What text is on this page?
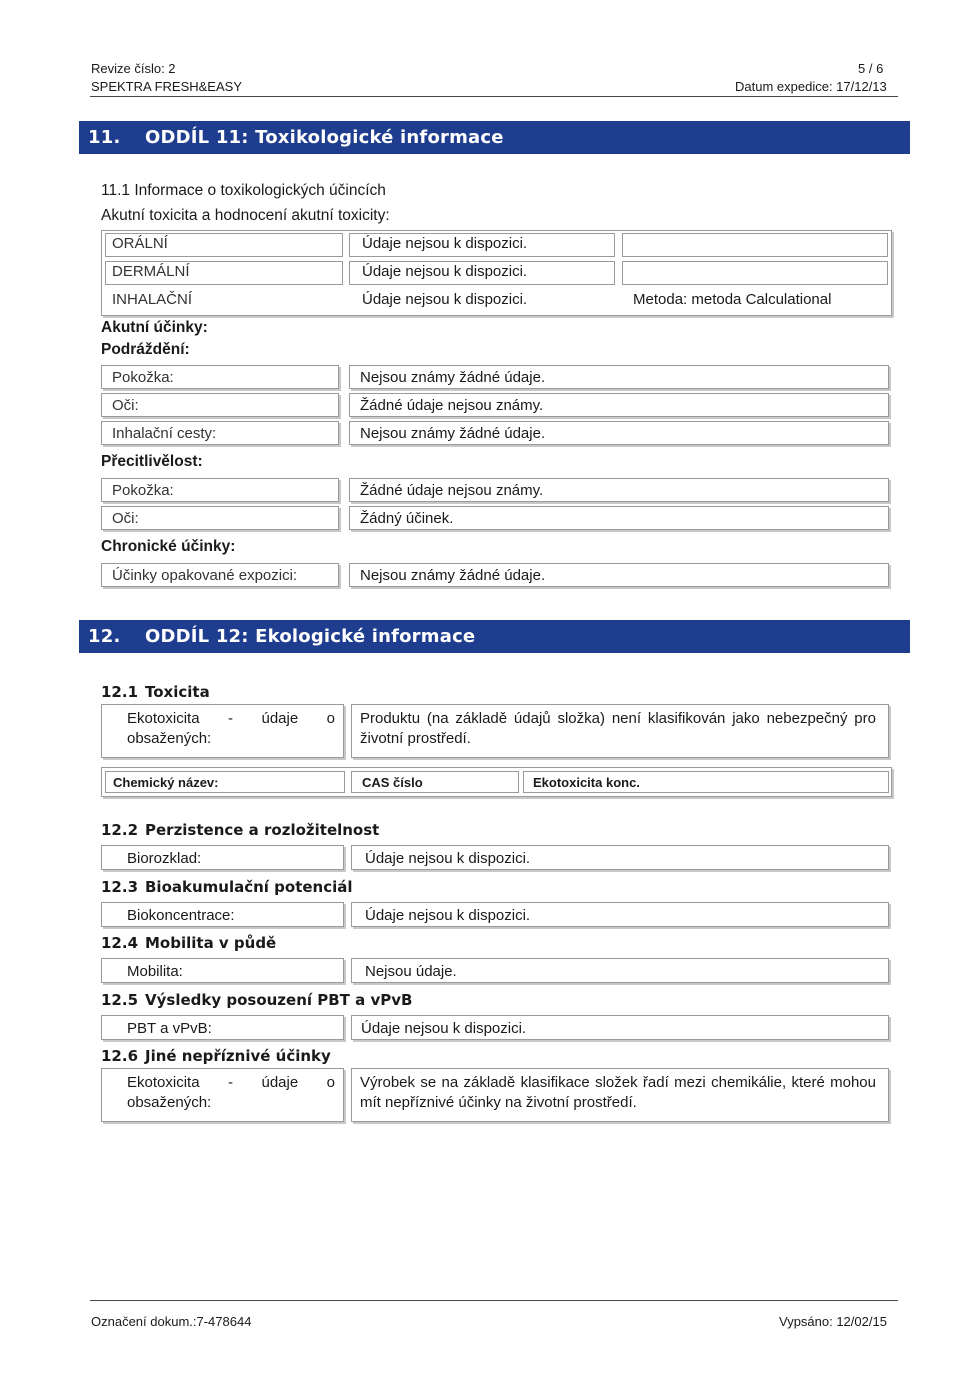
Revize číslo: 2	5 / 6
SPEKTRA FRESH&EASY	Datum expedice: 17/12/13
11. ODDÍL 11: Toxikologické informace
11.1 Informace o toxikologických účincích
Akutní toxicita a hodnocení akutní toxicity:
ORÁLNÍ	Údaje nejsou k dispozici.
DERMÁLNÍ	Údaje nejsou k dispozici.
INHALAČNÍ	Údaje nejsou k dispozici.	Metoda: metoda Calculational
Akutní účinky:
Podráždění:
Pokožka:	Nejsou známy žádné údaje.
Oči:	Žádné údaje nejsou známy.
Inhalační cesty:	Nejsou známy žádné údaje.
Přecitlivělost:
Pokožka:	Žádné údaje nejsou známy.
Oči:	Žádný účinek.
Chronické účinky:
Účinky opakované expozici:	Nejsou známy žádné údaje.
12. ODDÍL 12: Ekologické informace
12.1 Toxicita
Ekotoxicita - údaje o obsažených:
Produktu (na základě údajů složka) není klasifikován jako nebezpečný pro životní prostředí.
Chemický název:	CAS číslo	Ekotoxicita konc.
12.2 Perzistence a rozložitelnost
Biorozklad:	Údaje nejsou k dispozici.
12.3 Bioakumulační potenciál
Biokoncentrace:	Údaje nejsou k dispozici.
12.4 Mobilita v půdě
Mobilita:	Nejsou údaje.
12.5 Výsledky posouzení PBT a vPvB
PBT a vPvB:	Údaje nejsou k dispozici.
12.6 Jiné nepříznivé účinky
Ekotoxicita - údaje o obsažených:
Výrobek se na základě klasifikace složek řadí mezi chemikálie, které mohou mít nepříznivé účinky na životní prostředí.
Označení dokum.:7-478644	Vypsáno: 12/02/15
